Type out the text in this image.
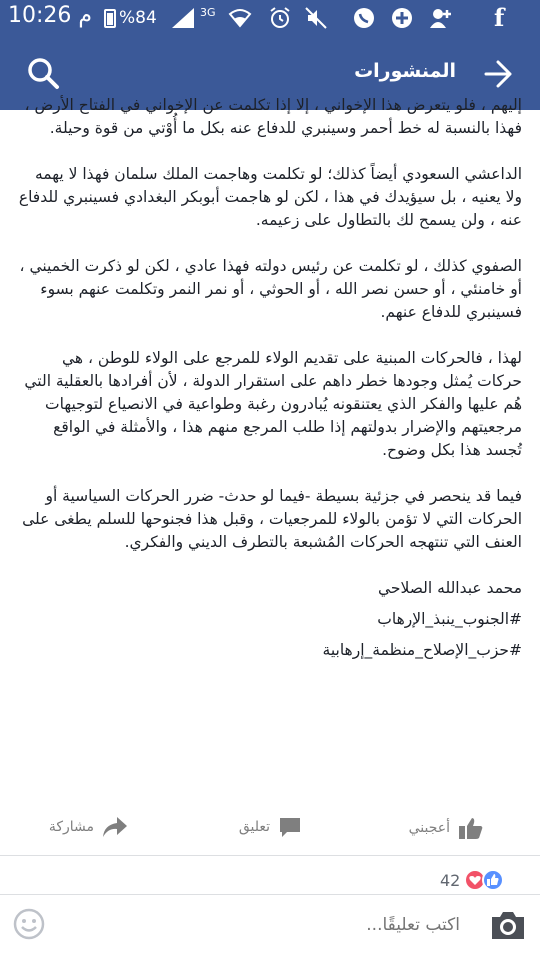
10:26 م %84	3G	f
المنشورات

إليهم ، فلو يتعرض هذا الإخواني ، إلا إذا تكلمت عن الإخواني في الفتاح الأرض ، فهذا بالنسبة له خط أحمر وسينبري للدفاع عنه بكل ما أُوْتي من قوة وحيلة.

الداعشي السعودي أيضاً كذلك؛ لو تكلمت وهاجمت الملك سلمان فهذا لا يهمه ولا يعنيه ، بل سيؤيدك في هذا ، لكن لو هاجمت أبوبكر البغدادي فسينبري للدفاع عنه ، ولن يسمح لك بالتطاول على زعيمه.

الصفوي كذلك ، لو تكلمت عن رئيس دولته فهذا عادي ، لكن لو ذكرت الخميني ، أو خامنئي ، أو حسن نصر الله ، أو الحوثي ، أو نمر النمر وتكلمت عنهم بسوء فسينبري للدفاع عنهم.

لهذا ، فالحركات المبنية على تقديم الولاء للمرجع على الولاء للوطن ، هي حركات يُمثل وجودها خطر داهم على استقرار الدولة ، لأن أفرادها بالعقلية التي هُم عليها والفكر الذي يعتنقونه يُبادرون رغبة وطواعية في الانصياع لتوجيهات مرجعيتهم والإضرار بدولتهم إذا طلب المرجع منهم هذا ، والأمثلة في الواقع تُجسد هذا بكل وضوح.

فيما قد ينحصر في جزئية بسيطة -فيما لو حدث- ضرر الحركات السياسية أو الحركات التي لا تؤمن بالولاء للمرجعيات ، وقبل هذا فجنوحها للسلم يطغى على العنف التي تنتهجه الحركات المُشبعة بالتطرف الديني والفكري.

محمد عبدالله الصلاحي

#الجنوب_ينبذ_الإرهاب
#حزب_الإصلاح_منظمة_إرهابية
أعجبني
تعليق
مشاركة
42
اكتب تعليقًا...
